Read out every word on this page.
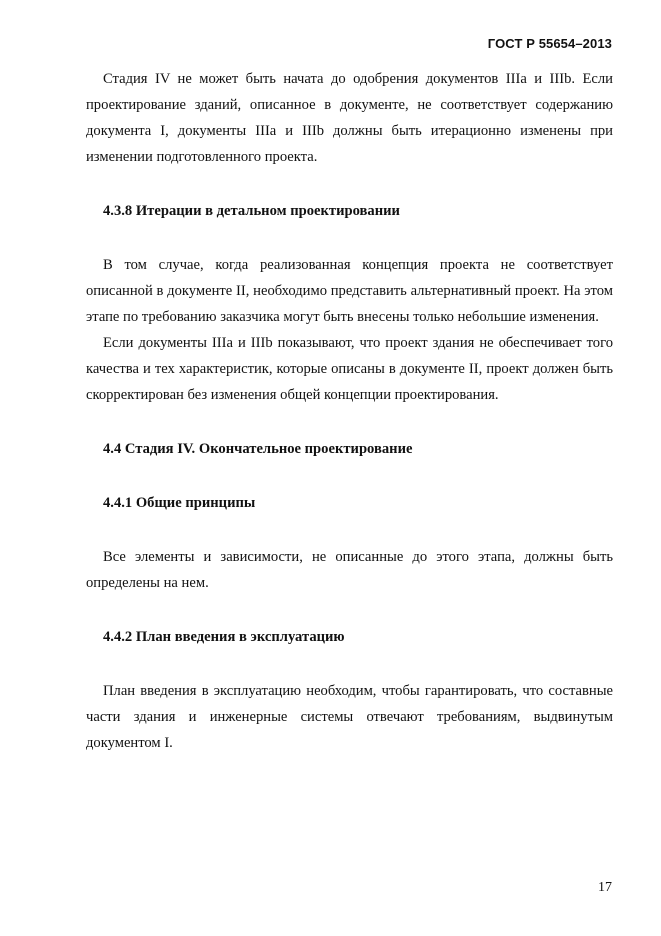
ГОСТ Р 55654–2013

Стадия IV не может быть начата до одобрения документов IIIа и IIIb. Если проектирование зданий, описанное в документе, не соответствует содержанию документа I, документы IIIа и IIIb должны быть итерационно изменены при изменении подготовленного проекта.

4.3.8 Итерации в детальном проектировании

В том случае, когда реализованная концепция проекта не соответствует описанной в документе II, необходимо представить альтернативный проект. На этом этапе по требованию заказчика могут быть внесены только небольшие изменения.

Если документы IIIа и IIIb показывают, что проект здания не обеспечивает того качества и тех характеристик, которые описаны в документе II, проект должен быть скорректирован без изменения общей концепции проектирования.

4.4 Стадия IV. Окончательное проектирование

4.4.1 Общие принципы

Все элементы и зависимости, не описанные до этого этапа, должны быть определены на нем.

4.4.2 План введения в эксплуатацию

План введения в эксплуатацию необходим, чтобы гарантировать, что составные части здания и инженерные системы отвечают требованиям, выдвинутым документом I.

17
